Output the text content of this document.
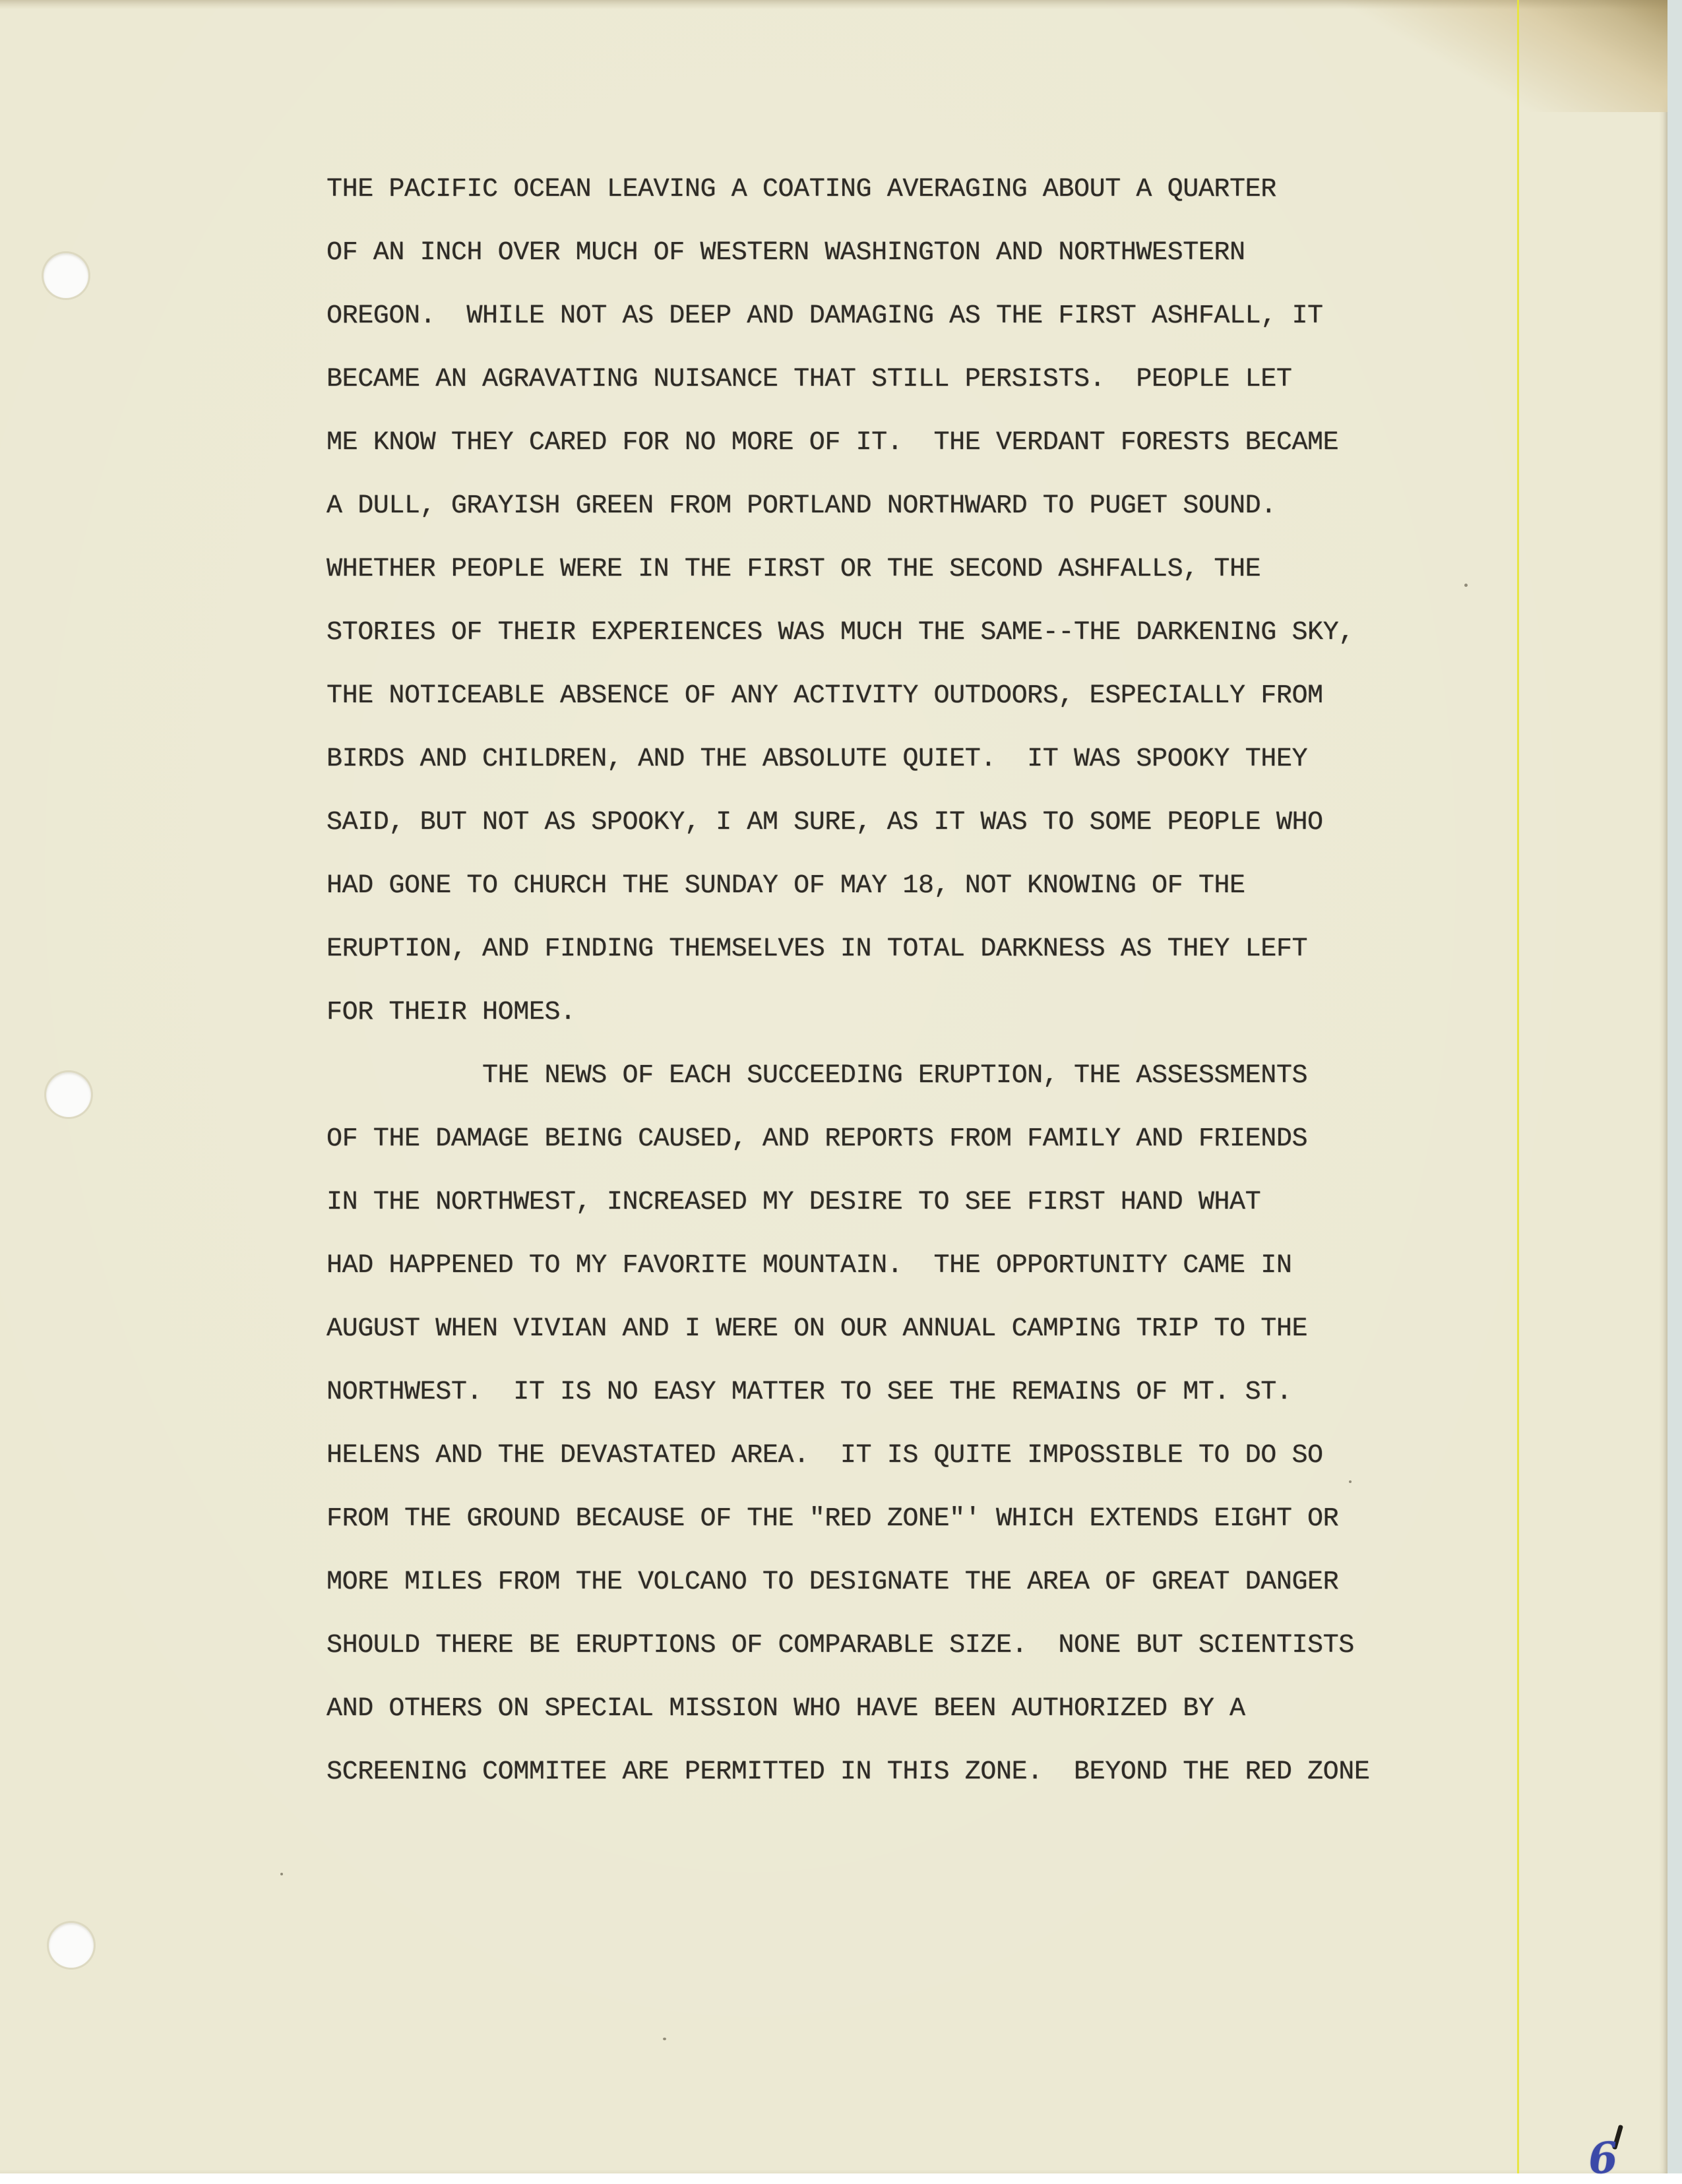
THE PACIFIC OCEAN LEAVING A COATING AVERAGING ABOUT A QUARTER
OF AN INCH OVER MUCH OF WESTERN WASHINGTON AND NORTHWESTERN
OREGON.  WHILE NOT AS DEEP AND DAMAGING AS THE FIRST ASHFALL, IT
BECAME AN AGRAVATING NUISANCE THAT STILL PERSISTS.  PEOPLE LET
ME KNOW THEY CARED FOR NO MORE OF IT.  THE VERDANT FORESTS BECAME
A DULL, GRAYISH GREEN FROM PORTLAND NORTHWARD TO PUGET SOUND.
WHETHER PEOPLE WERE IN THE FIRST OR THE SECOND ASHFALLS, THE
STORIES OF THEIR EXPERIENCES WAS MUCH THE SAME--THE DARKENING SKY,
THE NOTICEABLE ABSENCE OF ANY ACTIVITY OUTDOORS, ESPECIALLY FROM
BIRDS AND CHILDREN, AND THE ABSOLUTE QUIET.  IT WAS SPOOKY THEY
SAID, BUT NOT AS SPOOKY, I AM SURE, AS IT WAS TO SOME PEOPLE WHO
HAD GONE TO CHURCH THE SUNDAY OF MAY 18, NOT KNOWING OF THE
ERUPTION, AND FINDING THEMSELVES IN TOTAL DARKNESS AS THEY LEFT
FOR THEIR HOMES.
THE NEWS OF EACH SUCCEEDING ERUPTION, THE ASSESSMENTS
OF THE DAMAGE BEING CAUSED, AND REPORTS FROM FAMILY AND FRIENDS
IN THE NORTHWEST, INCREASED MY DESIRE TO SEE FIRST HAND WHAT
HAD HAPPENED TO MY FAVORITE MOUNTAIN.  THE OPPORTUNITY CAME IN
AUGUST WHEN VIVIAN AND I WERE ON OUR ANNUAL CAMPING TRIP TO THE
NORTHWEST.  IT IS NO EASY MATTER TO SEE THE REMAINS OF MT. ST.
HELENS AND THE DEVASTATED AREA.  IT IS QUITE IMPOSSIBLE TO DO SO
FROM THE GROUND BECAUSE OF THE "RED ZONE"' WHICH EXTENDS EIGHT OR
MORE MILES FROM THE VOLCANO TO DESIGNATE THE AREA OF GREAT DANGER
SHOULD THERE BE ERUPTIONS OF COMPARABLE SIZE.  NONE BUT SCIENTISTS
AND OTHERS ON SPECIAL MISSION WHO HAVE BEEN AUTHORIZED BY A
SCREENING COMMITEE ARE PERMITTED IN THIS ZONE.  BEYOND THE RED ZONE
6
